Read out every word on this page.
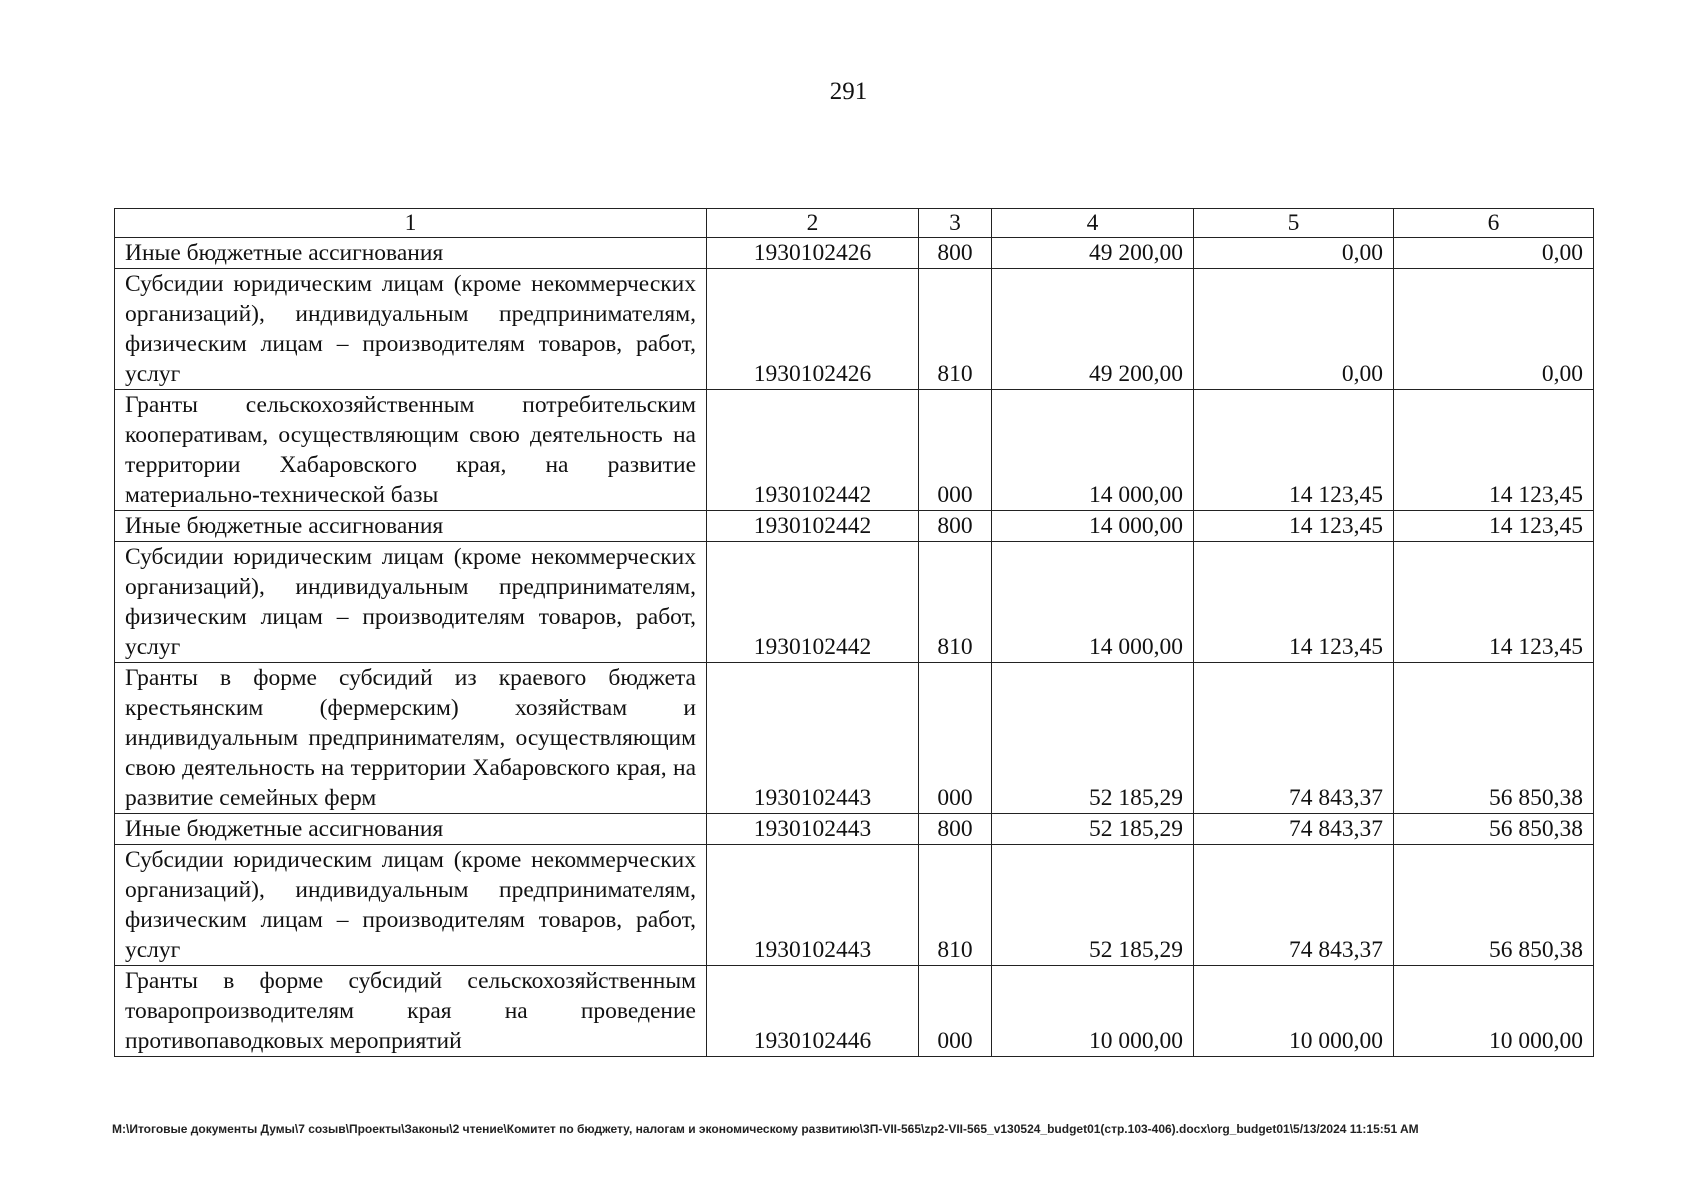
291
1	2	3	4	5	6
Иные бюджетные ассигнования	1930102426	800	49 200,00	0,00	0,00
Субсидии юридическим лицам (кроме некоммерческих организаций), индивидуальным предпринимателям, физическим лицам – производителям товаров, работ, услуг	1930102426	810	49 200,00	0,00	0,00
Гранты сельскохозяйственным потребительским кооперативам, осуществляющим свою деятельность на территории Хабаровского края, на развитие материально-технической базы	1930102442	000	14 000,00	14 123,45	14 123,45
Иные бюджетные ассигнования	1930102442	800	14 000,00	14 123,45	14 123,45
Субсидии юридическим лицам (кроме некоммерческих организаций), индивидуальным предпринимателям, физическим лицам – производителям товаров, работ, услуг	1930102442	810	14 000,00	14 123,45	14 123,45
Гранты в форме субсидий из краевого бюджета крестьянским (фермерским) хозяйствам и индивидуальным предпринимателям, осуществляющим свою деятельность на территории Хабаровского края, на развитие семейных ферм	1930102443	000	52 185,29	74 843,37	56 850,38
Иные бюджетные ассигнования	1930102443	800	52 185,29	74 843,37	56 850,38
Субсидии юридическим лицам (кроме некоммерческих организаций), индивидуальным предпринимателям, физическим лицам – производителям товаров, работ, услуг	1930102443	810	52 185,29	74 843,37	56 850,38
Гранты в форме субсидий сельскохозяйственным товаропроизводителям края на проведение противопаводковых мероприятий	1930102446	000	10 000,00	10 000,00	10 000,00
M:\Итоговые документы Думы\7 созыв\Проекты\Законы\2 чтение\Комитет по бюджету, налогам и экономическому развитию\3П-VII-565\zp2-VII-565_v130524_budget01(стр.103-406).docx\org_budget01\5/13/2024 11:15:51 AM
